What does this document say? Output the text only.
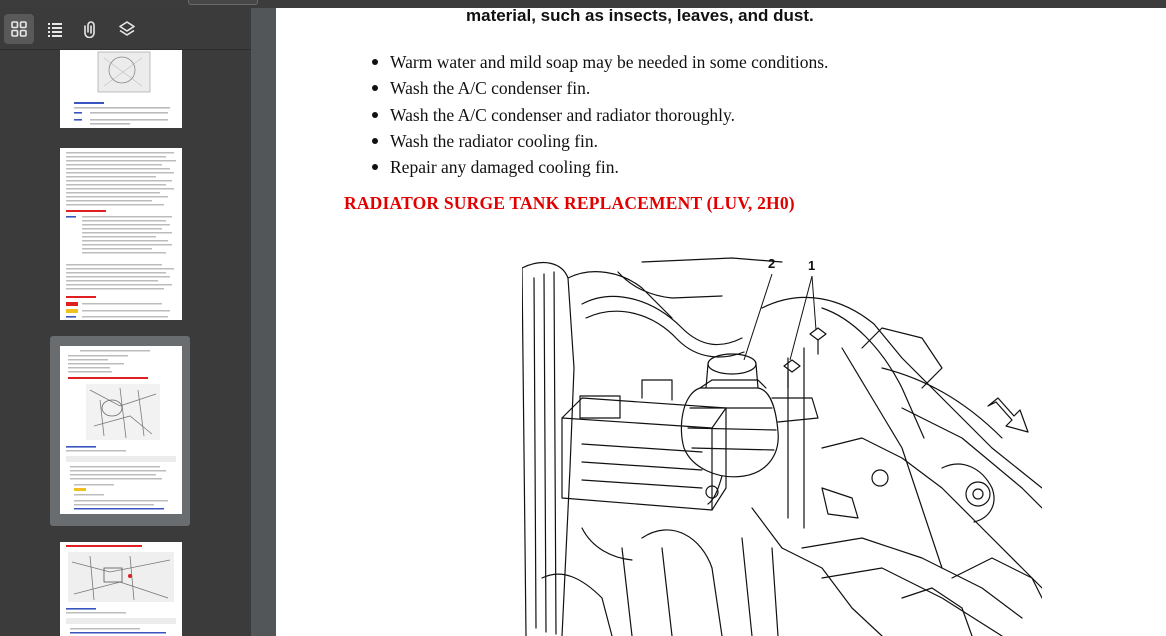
material, such as insects, leaves, and dust.
Warm water and mild soap may be needed in some conditions.
Wash the A/C condenser fin.
Wash the A/C condenser and radiator thoroughly.
Wash the radiator cooling fin.
Repair any damaged cooling fin.
RADIATOR SURGE TANK REPLACEMENT (LUV, 2H0)
2	1
